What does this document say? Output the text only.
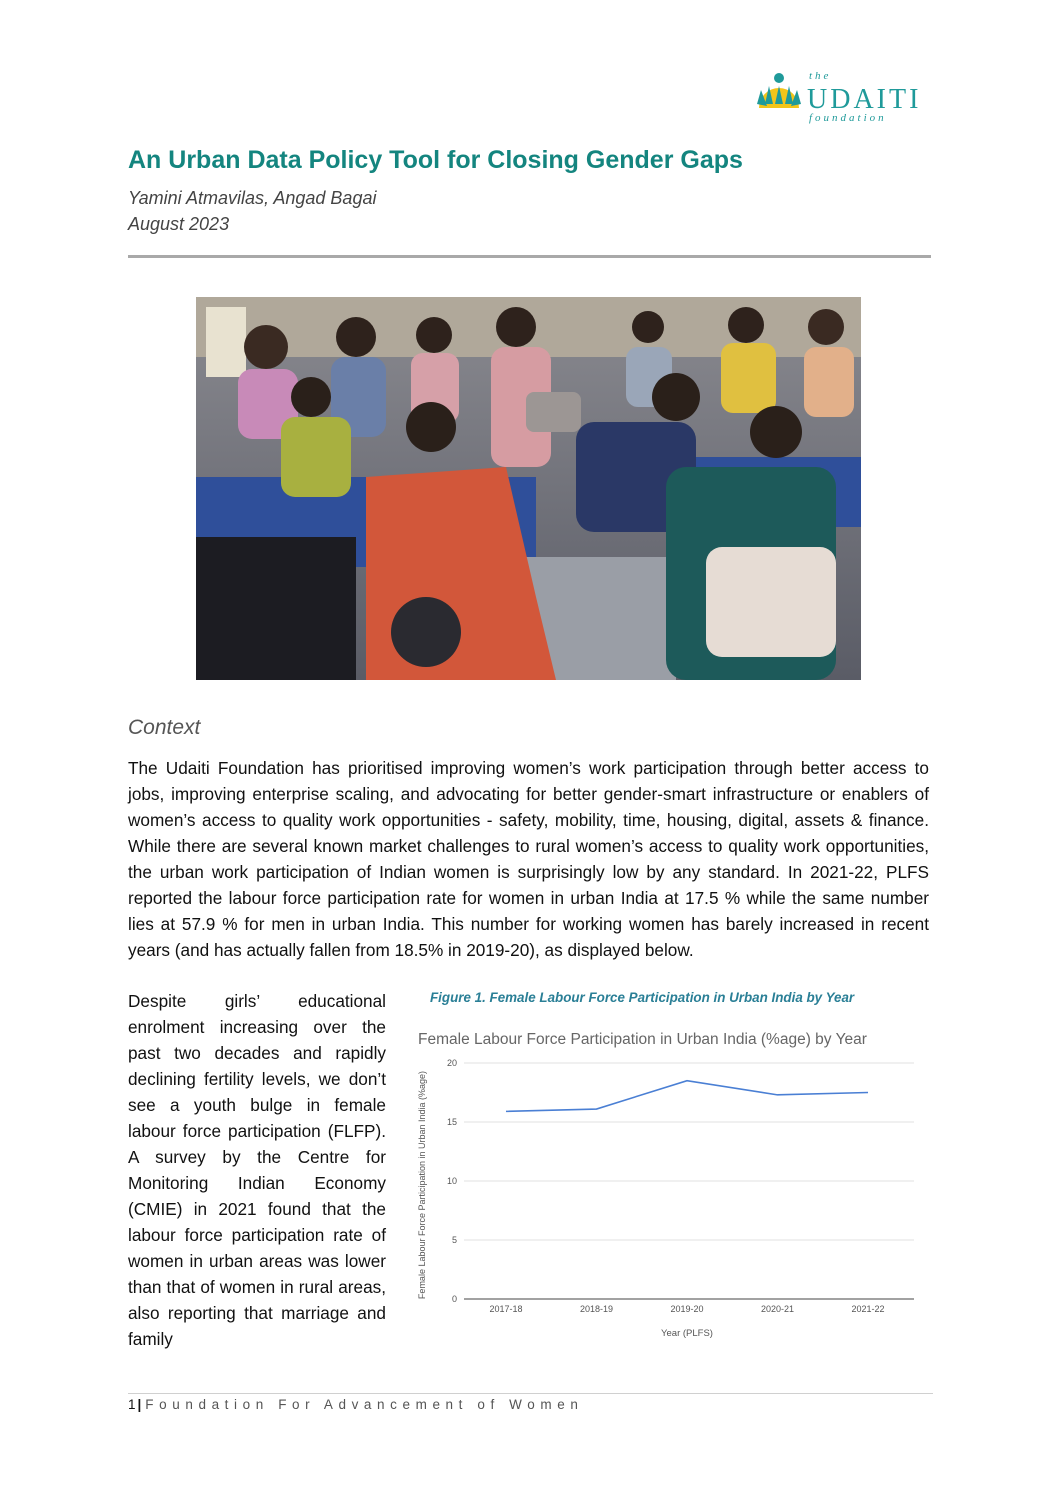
the
UDAITI
foundation
An Urban Data Policy Tool for Closing Gender Gaps
Yamini Atmavilas, Angad Bagai
August 2023
Context

The Udaiti Foundation has prioritised improving women’s work participation through better access to jobs, improving enterprise scaling, and advocating for better gender-smart infrastructure or enablers of women’s access to quality work opportunities - safety, mobility, time, housing, digital, assets & finance. While there are several known market challenges to rural women’s access to quality work opportunities, the urban work participation of Indian women is surprisingly low by any standard. In 2021-22, PLFS reported the labour force participation rate for women in urban India at 17.5 % while the same number lies at 57.9 % for men in urban India. This number for working women has barely increased in recent years (and has actually fallen from 18.5% in 2019-20), as displayed below.

Despite girls’ educational enrolment increasing over the past two decades and rapidly declining fertility levels, we don’t see a youth bulge in female labour force participation (FLFP). A survey by the Centre for Monitoring Indian Economy (CMIE) in 2021 found that the labour force participation rate of women in urban areas was lower than that of women in rural areas, also reporting that marriage and family

Figure 1. Female Labour Force Participation in Urban India by Year

Female Labour Force Participation in Urban India (%age) by Year
0
5
10
15
20
2017-18	2018-19	2019-20	2020-21	2021-22
Female Labour Force Participation in Urban India (%age)
Year (PLFS)
1 | Foundation For Advancement of Women
